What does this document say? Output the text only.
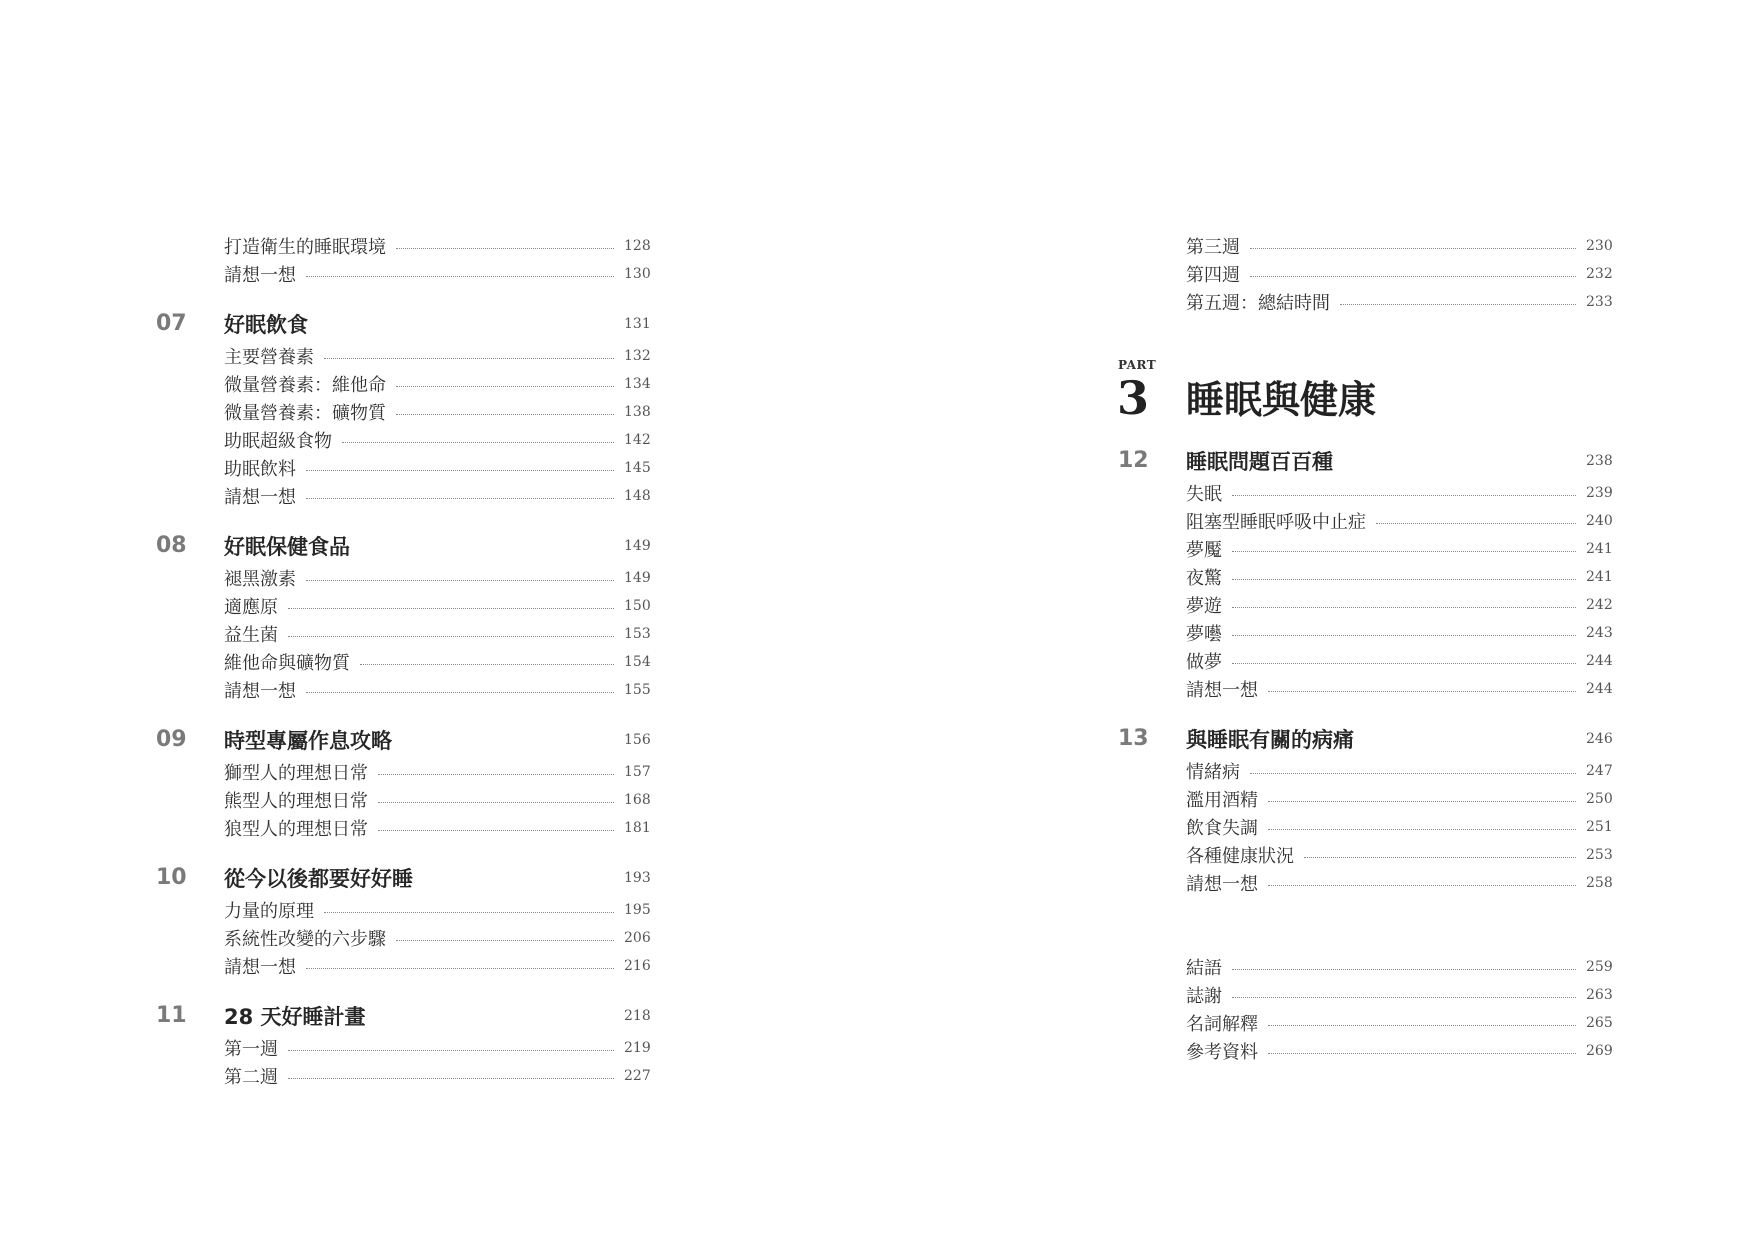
PART
3 睡眠與健康
打造衛生的睡眠環境	128
請想一想	130
07	好眠飲食	131
主要營養素	132
微量營養素：維他命	134
微量營養素：礦物質	138
助眠超級食物	142
助眠飲料	145
請想一想	148
08	好眠保健食品	149
褪黑激素	149
適應原	150
益生菌	153
維他命與礦物質	154
請想一想	155
09	時型專屬作息攻略	156
獅型人的理想日常	157
熊型人的理想日常	168
狼型人的理想日常	181
10	從今以後都要好好睡	193
力量的原理	195
系統性改變的六步驟	206
請想一想	216
11	28 天好睡計畫	218
第一週	219
第二週	227
第三週	230
第四週	232
第五週：總結時間	233
12	睡眠問題百百種	238
失眠	239
阻塞型睡眠呼吸中止症	240
夢魘	241
夜驚	241
夢遊	242
夢囈	243
做夢	244
請想一想	244
13	與睡眠有關的病痛	246
情緒病	247
濫用酒精	250
飲食失調	251
各種健康狀況	253
請想一想	258
結語	259
誌謝	263
名詞解釋	265
參考資料	269
